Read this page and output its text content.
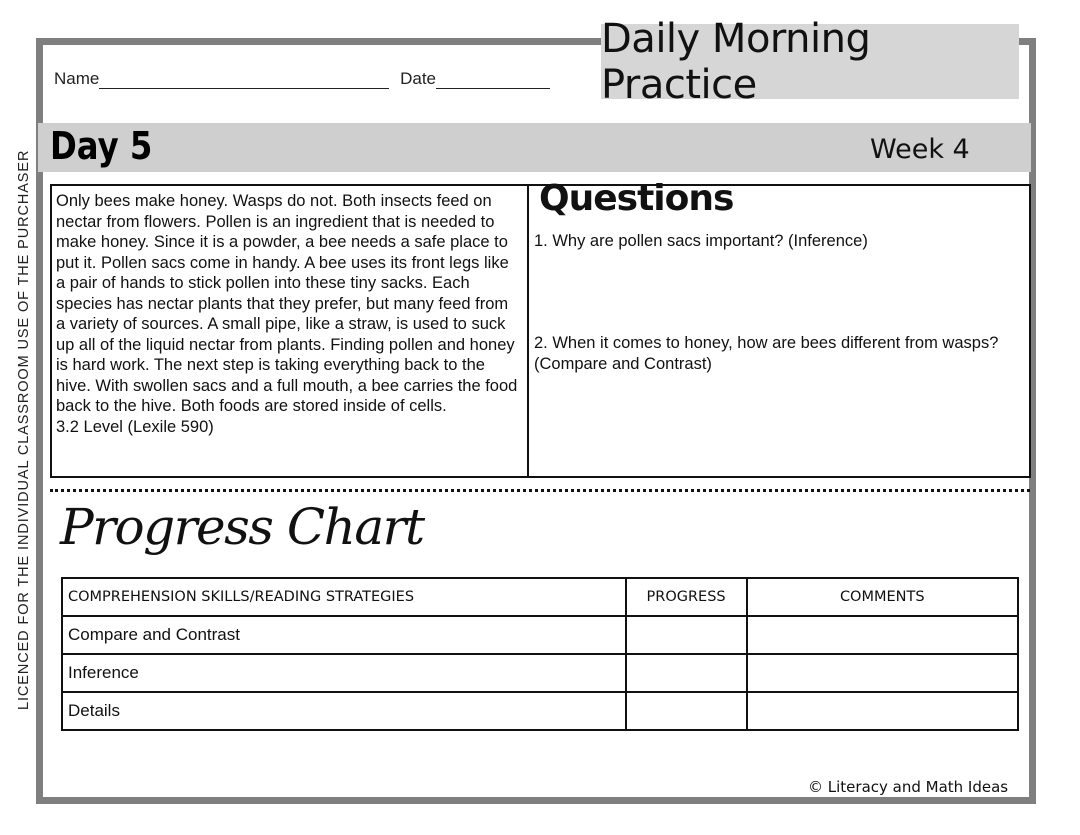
Daily Morning Practice
Name	Date
Day 5	Week 4
LICENCED FOR THE INDIVIDUAL CLASSROOM USE OF THE PURCHASER Only bees make honey. Wasps do not. Both insects feed on nectar from flowers. Pollen is an ingredient that is needed to make honey. Since it is a powder, a bee needs a safe place to put it. Pollen sacs come in handy. A bee uses its front legs like a pair of hands to stick pollen into these tiny sacks. Each species has nectar plants that they prefer, but many feed from a variety of sources. A small pipe, like a straw, is used to suck up all of the liquid nectar from plants. Finding pollen and honey is hard work. The next step is taking everything back to the hive. With swollen sacs and a full mouth, a bee carries the food back to the hive. Both foods are stored inside of cells.

3.2 Level (Lexile 590)

Questions
1. Why are pollen sacs important? (Inference)
2. When it comes to honey, how are bees different from wasps? (Compare and Contrast)
Progress Chart
COMPREHENSION SKILLS/READING STRATEGIES	PROGRESS	COMMENTS
Compare and Contrast		
Inference		
Details		
© Literacy and Math Ideas
